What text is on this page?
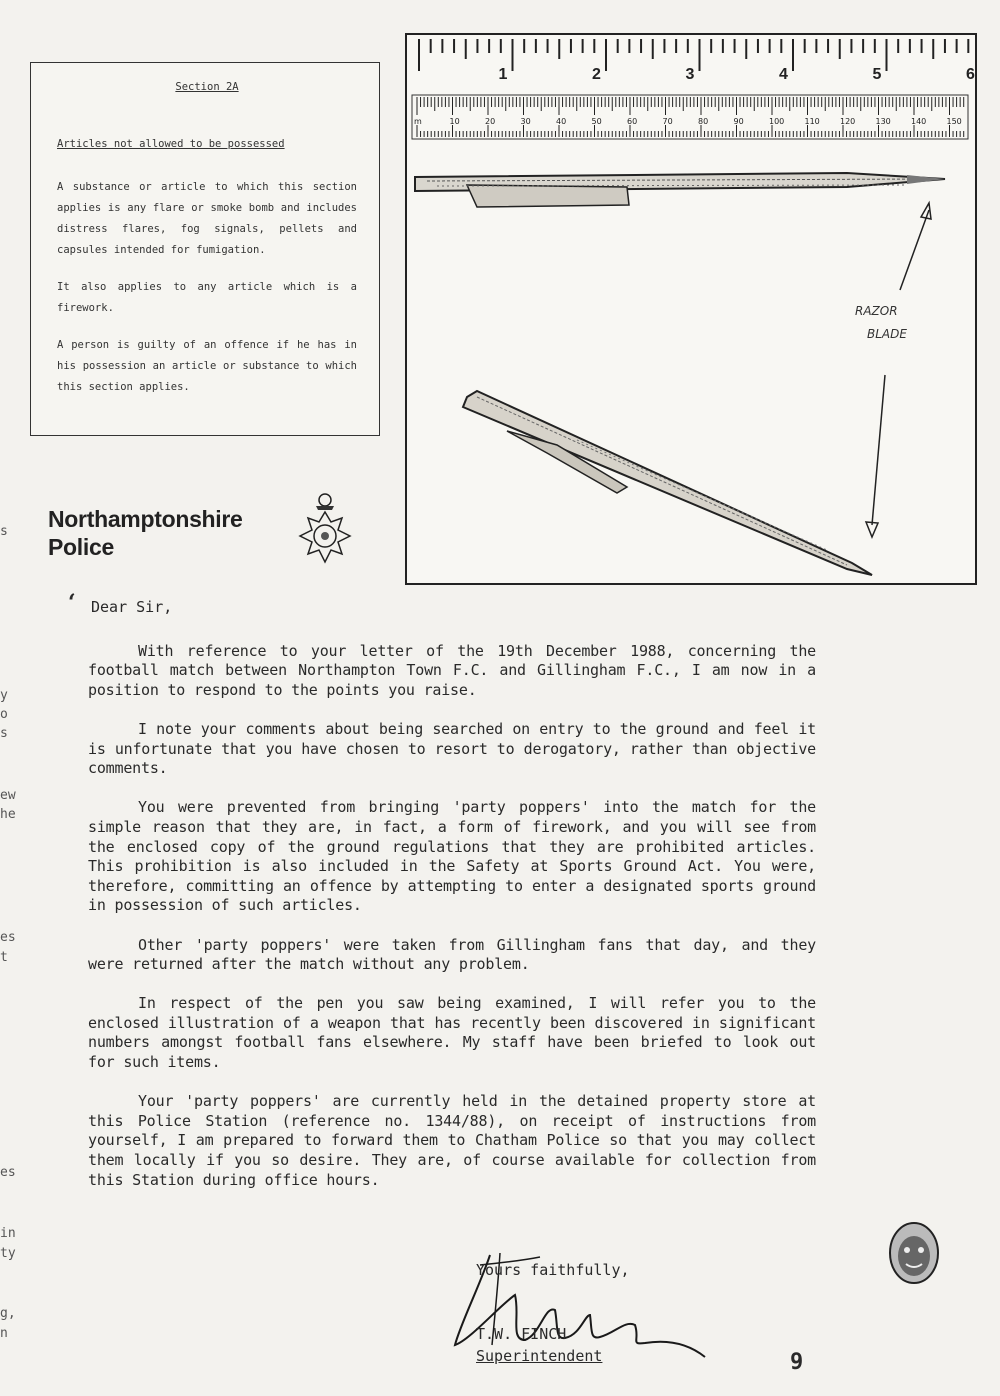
s
y
o
s
ew
he
es
t
es
in
ty
g,
n
Section 2A
Articles not allowed to be possessed

A substance or article to which this section applies is any flare or smoke bomb and includes distress flares, fog signals, pellets and capsules intended for fumigation.

It also applies to any article which is a firework.

A person is guilty of an offence if he has in his possession an article or substance to which this section applies.

1	2	3	4	5	6
m	10	20	30	40	50	60	70	80	90	100	110	120	130	140	150
RAZOR
BLADE
Northamptonshire
Police
‘ Dear Sir,

With reference to your letter of the 19th December 1988, concerning the football match between Northampton Town F.C. and Gillingham F.C., I am now in a position to respond to the points you raise.

I note your comments about being searched on entry to the ground and feel it is unfortunate that you have chosen to resort to derogatory, rather than objective comments.

You were prevented from bringing 'party poppers' into the match for the simple reason that they are, in fact, a form of firework, and you will see from the enclosed copy of the ground regulations that they are prohibited articles. This prohibition is also included in the Safety at Sports Ground Act. You were, therefore, committing an offence by attempting to enter a designated sports ground in possession of such articles.

Other 'party poppers' were taken from Gillingham fans that day, and they were returned after the match without any problem.

In respect of the pen you saw being examined, I will refer you to the enclosed illustration of a weapon that has recently been discovered in significant numbers amongst football fans elsewhere. My staff have been briefed to look out for such items.

Your 'party poppers' are currently held in the detained property store at this Police Station (reference no. 1344/88), on receipt of instructions from yourself, I am prepared to forward them to Chatham Police so that you may collect them locally if you so desire. They are, of course available for collection from this Station during office hours.

Yours faithfully,
T.W. FINCH
Superintendent	9
